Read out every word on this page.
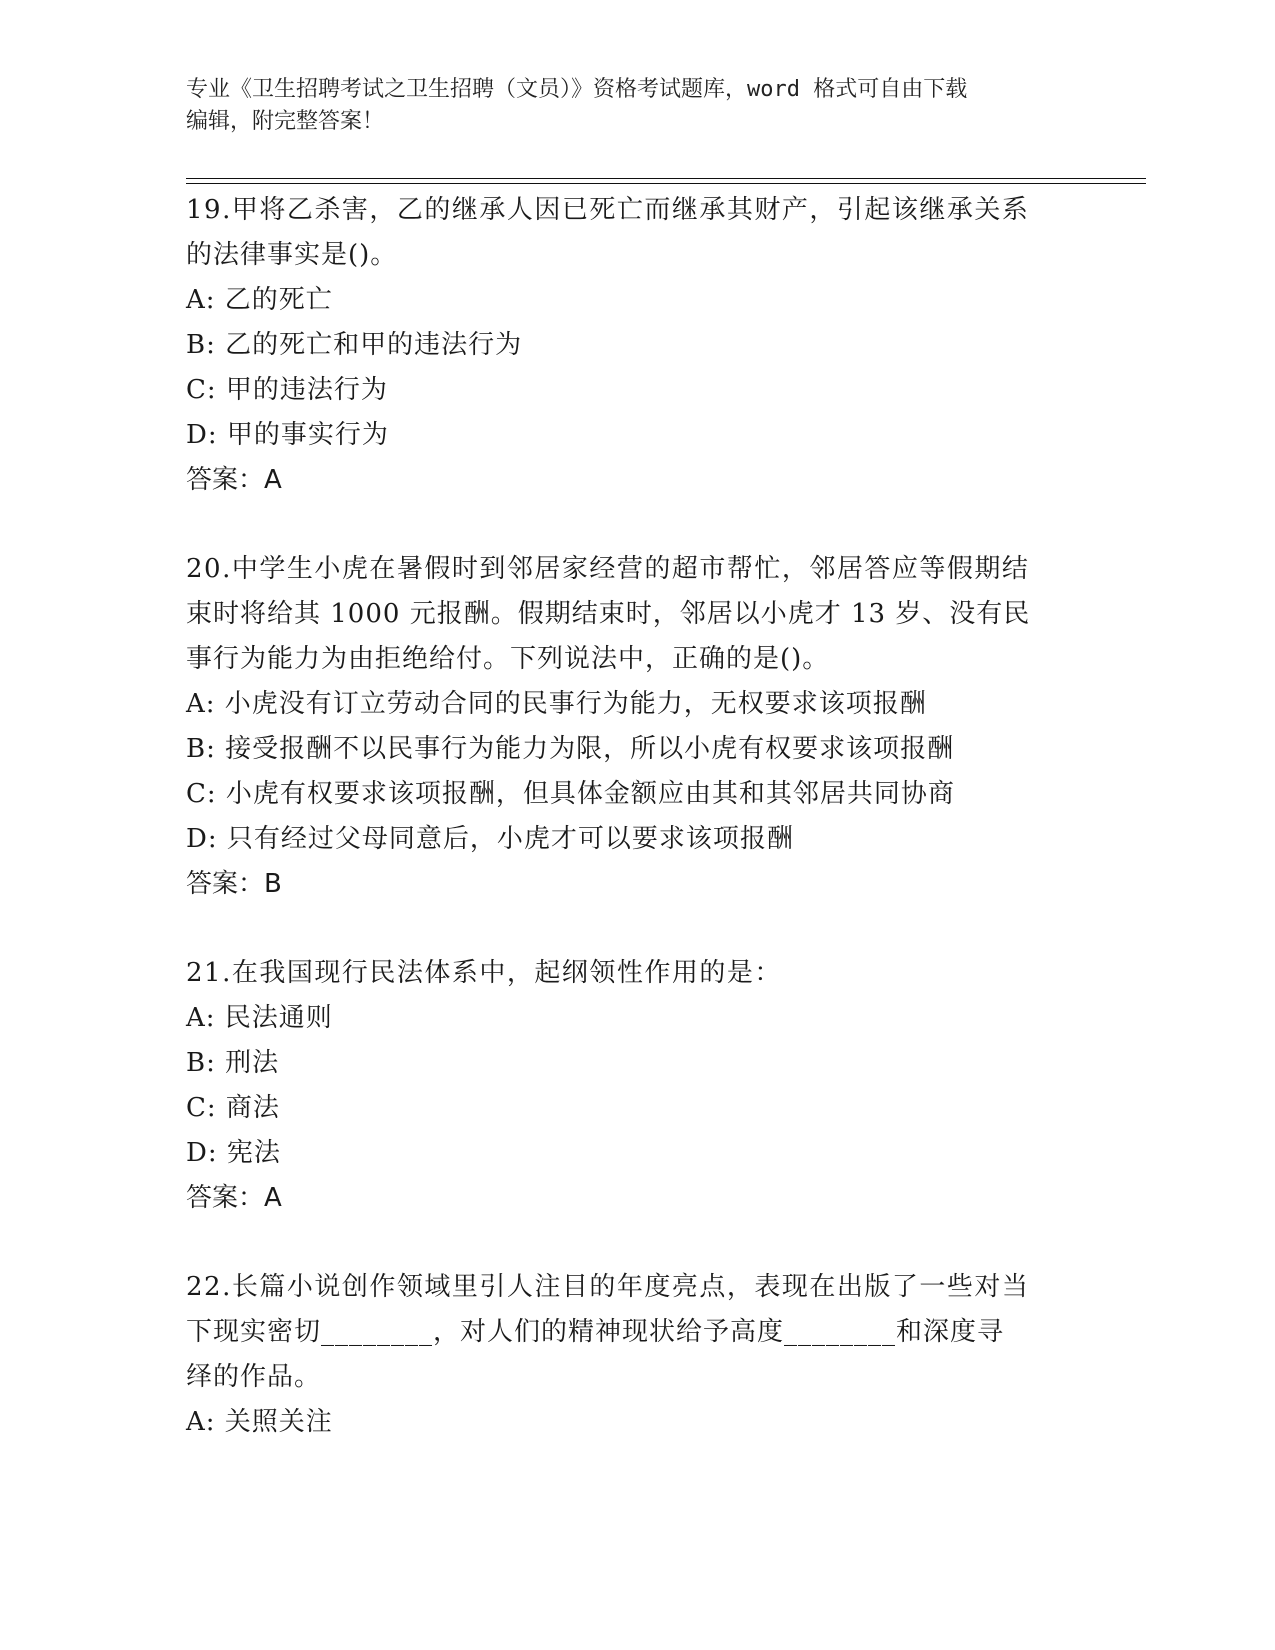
专业《卫生招聘考试之卫生招聘（文员）》资格考试题库，word 格式可自由下载
编辑，附完整答案！
19.甲将乙杀害，乙的继承人因已死亡而继承其财产，引起该继承关系
的法律事实是()。
A: 乙的死亡
B: 乙的死亡和甲的违法行为
C: 甲的违法行为
D: 甲的事实行为
答案：A
20.中学生小虎在暑假时到邻居家经营的超市帮忙，邻居答应等假期结
束时将给其 1000 元报酬。假期结束时，邻居以小虎才 13 岁、没有民
事行为能力为由拒绝给付。下列说法中，正确的是()。
A: 小虎没有订立劳动合同的民事行为能力，无权要求该项报酬
B: 接受报酬不以民事行为能力为限，所以小虎有权要求该项报酬
C: 小虎有权要求该项报酬，但具体金额应由其和其邻居共同协商
D: 只有经过父母同意后，小虎才可以要求该项报酬
答案：B
21.在我国现行民法体系中，起纲领性作用的是：
A: 民法通则
B: 刑法
C: 商法
D: 宪法
答案：A
22.长篇小说创作领域里引人注目的年度亮点，表现在出版了一些对当
下现实密切________，对人们的精神现状给予高度________和深度寻
绎的作品。
A: 关照关注
